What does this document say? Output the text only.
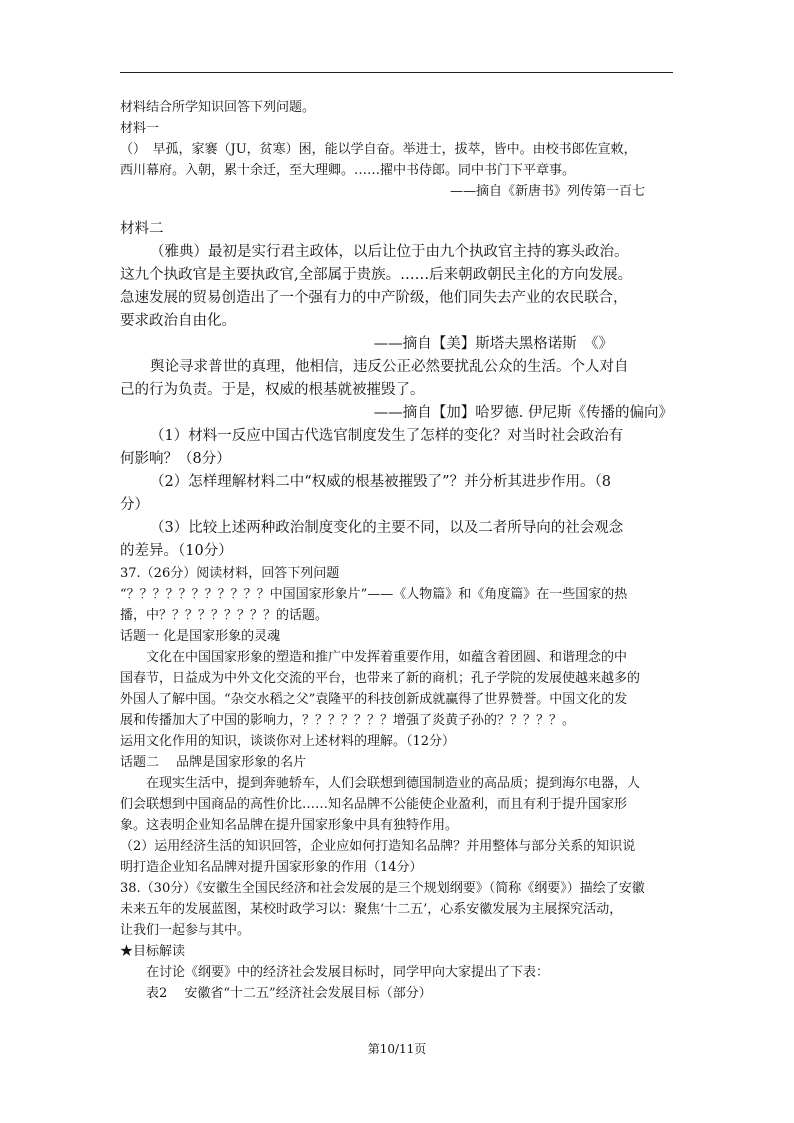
材料结合所学知识回答下列问题。
材料一
（）　早孤，家褰（JU，贫寒）困，能以学自奋。举进士，拔萃，皆中。由校书郎佐宣敕，
西川幕府。入朝，累十余迁，至大理卿。……擢中书侍郎。同中书门下平章事。
——摘自《新唐书》列传第一百七
材料二
（雅典）最初是实行君主政体，以后让位于由九个执政官主持的寡头政治。
这九个执政官是主要执政官,全部属于贵族。……后来朝政朝民主化的方向发展。
急速发展的贸易创造出了一个强有力的中产阶级，他们同失去产业的农民联合，
要求政治自由化。
——摘自【美】斯塔夫黑格诺斯　《》
舆论寻求普世的真理，他相信，违反公正必然要扰乱公众的生活。个人对自
己的行为负责。于是，权威的根基就被摧毁了。
——摘自【加】哈罗德. 伊尼斯《传播的偏向》
（1）材料一反应中国古代选官制度发生了怎样的变化？对当时社会政治有
何影响？（8分）
（2）怎样理解材料二中“权威的根基被摧毁了”？并分析其进步作用。（8
分）
（3）比较上述两种政治制度变化的主要不同，以及二者所导向的社会观念
的差异。（10分）
37.（26分）阅读材料，回答下列问题
“？？？？？？？？？？？中国国家形象片”——《人物篇》和《角度篇》在一些国家的热
播，中？？？？？？？？？的话题。
话题一 化是国家形象的灵魂
文化在中国国家形象的塑造和推广中发挥着重要作用，如蕴含着团圆、和谐理念的中
国春节，日益成为中外文化交流的平台，也带来了新的商机；孔子学院的发展使越来越多的
外国人了解中国。“杂交水稻之父”袁隆平的科技创新成就赢得了世界赞誉。中国文化的发
展和传播加大了中国的影响力，？？？？？？？增强了炎黄子孙的？？？？？。
运用文化作用的知识，谈谈你对上述材料的理解。（12分）
话题二　 品牌是国家形象的名片
在现实生活中，提到奔驰轿车，人们会联想到德国制造业的高品质；提到海尔电器，人
们会联想到中国商品的高性价比……知名品牌不公能使企业盈利，而且有利于提升国家形
象。这表明企业知名品牌在提升国家形象中具有独特作用。
（2）运用经济生活的知识回答，企业应如何打造知名品牌？并用整体与部分关系的知识说
明打造企业知名品牌对提升国家形象的作用（14分）
38.（30分）《安徽生全国民经济和社会发展的是三个规划纲要》（简称《纲要》）描绘了安徽
未来五年的发展蓝图，某校时政学习以：聚焦‘十二五’，心系安徽发展为主展探究活动，
让我们一起参与其中。
★目标解读
在讨论《纲要》中的经济社会发展目标时，同学甲向大家提出了下表：
表2　 安徽省“十二五”经济社会发展目标（部分）
第10/11页
